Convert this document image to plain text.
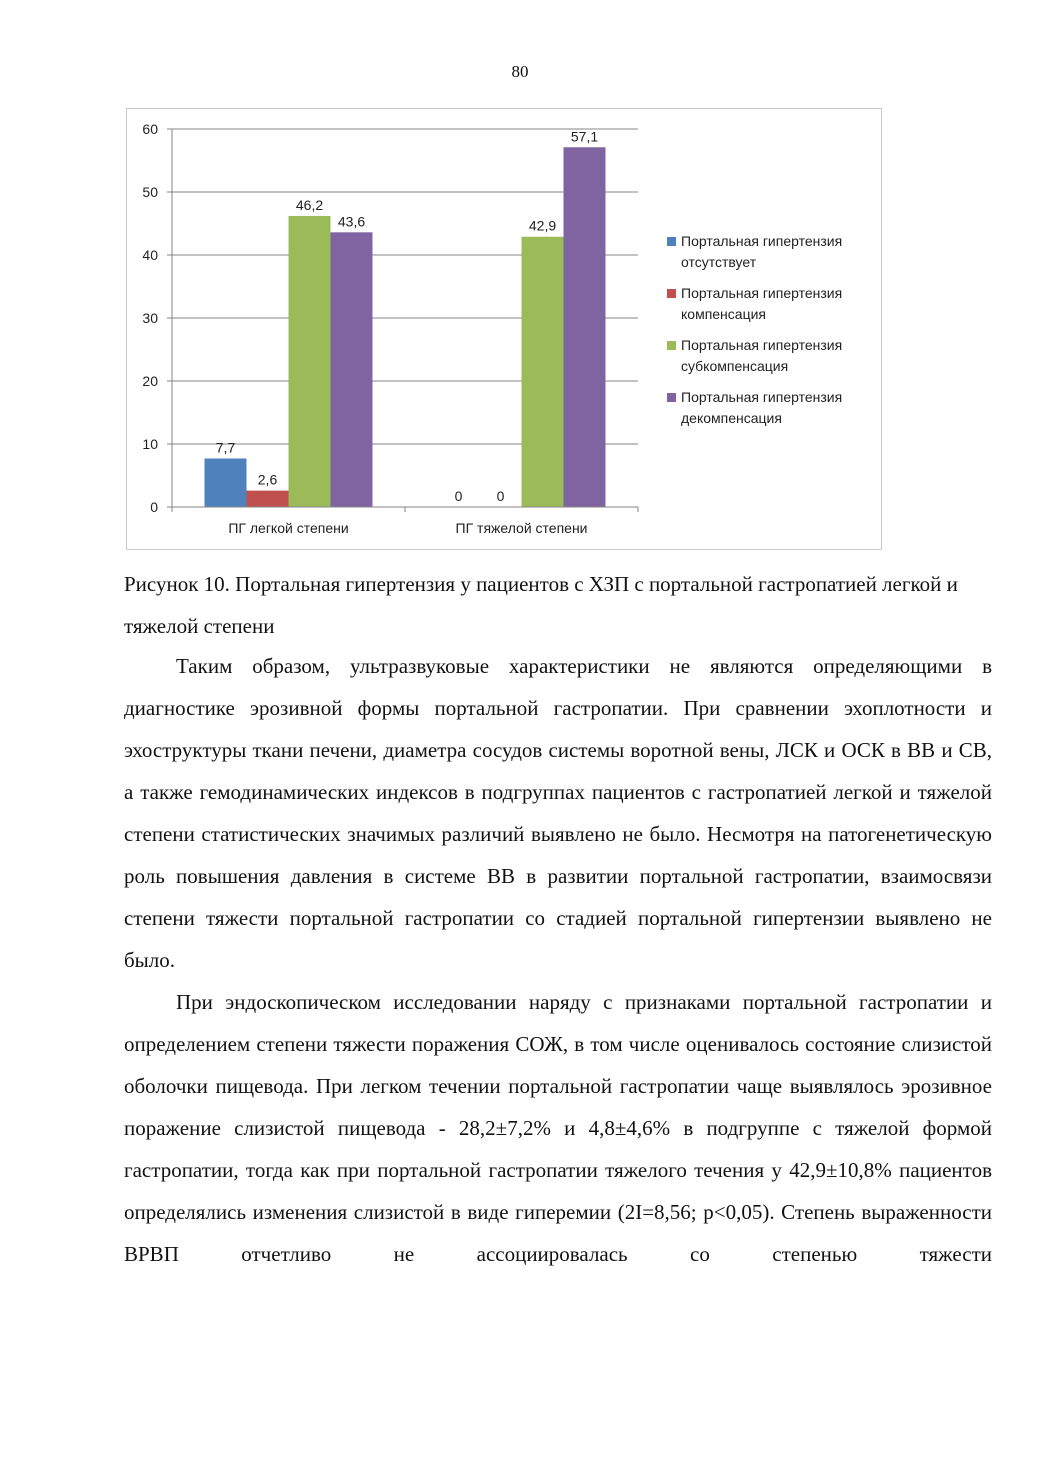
80
0
10
20
30
40
50
60
7,7
2,6
46,2
43,6
ПГ легкой степени
0 0
42,9
57,1
ПГ тяжелой степени
Портальная гипертензия
отсутствует
Портальная гипертензия
компенсация
Портальная гипертензия
субкомпенсация
Портальная гипертензия
декомпенсация
Рисунок 10. Портальная гипертензия у пациентов с ХЗП с портальной гастропатией легкой и тяжелой степени

Таким образом, ультразвуковые характеристики не являются определяющими в диагностике эрозивной формы портальной гастропатии. При сравнении эхоплотности и эхоструктуры ткани печени, диаметра сосудов системы воротной вены, ЛСК и ОСК в ВВ и СВ, а также гемодинамических индексов в подгруппах пациентов с гастропатией легкой и тяжелой степени статистических значимых различий выявлено не было. Несмотря на патогенетическую роль повышения давления в системе ВВ в развитии портальной гастропатии, взаимосвязи степени тяжести портальной гастропатии со стадией портальной гипертензии выявлено не было.

При эндоскопическом исследовании наряду с признаками портальной гастропатии и определением степени тяжести поражения СОЖ, в том числе оценивалось состояние слизистой оболочки пищевода. При легком течении портальной гастропатии чаще выявлялось эрозивное поражение слизистой пищевода - 28,2±7,2% и 4,8±4,6% в подгруппе с тяжелой формой гастропатии, тогда как при портальной гастропатии тяжелого течения у 42,9±10,8% пациентов определялись изменения слизистой в виде гиперемии (2I=8,56; p<0,05). Степень выраженности ВРВП отчетливо не ассоциировалась со степенью тяжести
